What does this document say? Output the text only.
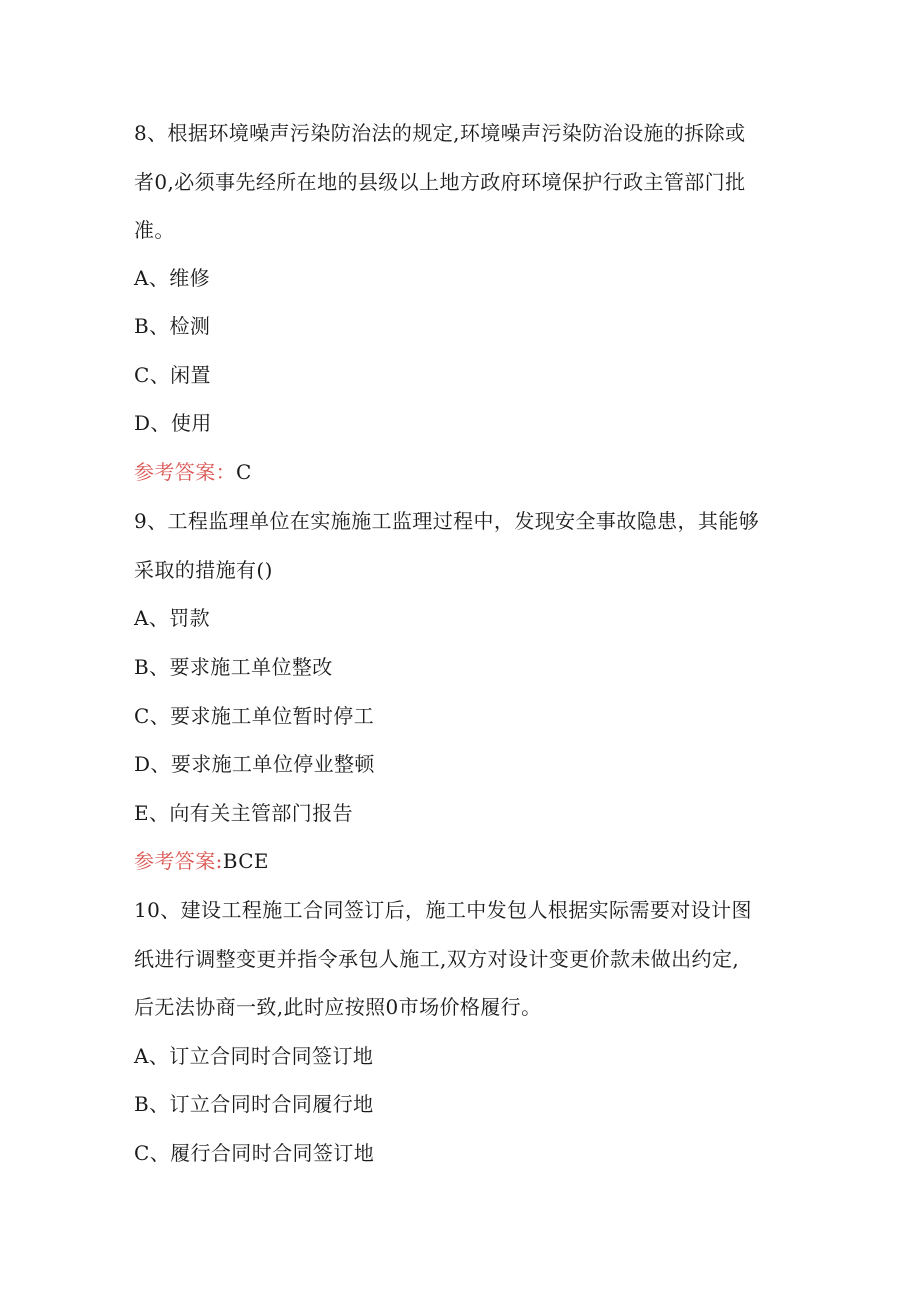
8、根据环境噪声污染防治法的规定,环境噪声污染防治设施的拆除或
者0,必须事先经所在地的县级以上地方政府环境保护行政主管部门批
准。
A、维修
B、检测
C、闲置
D、使用
参考答案：C
9、工程监理单位在实施施工监理过程中，发现安全事故隐患，其能够
采取的措施有()
A、罚款
B、要求施工单位整改
C、要求施工单位暂时停工
D、要求施工单位停业整顿
E、向有关主管部门报告
参考答案:BCE
10、建设工程施工合同签订后，施工中发包人根据实际需要对设计图
纸进行调整变更并指令承包人施工,双方对设计变更价款未做出约定,
后无法协商一致,此时应按照0市场价格履行。
A、订立合同时合同签订地
B、订立合同时合同履行地
C、履行合同时合同签订地
